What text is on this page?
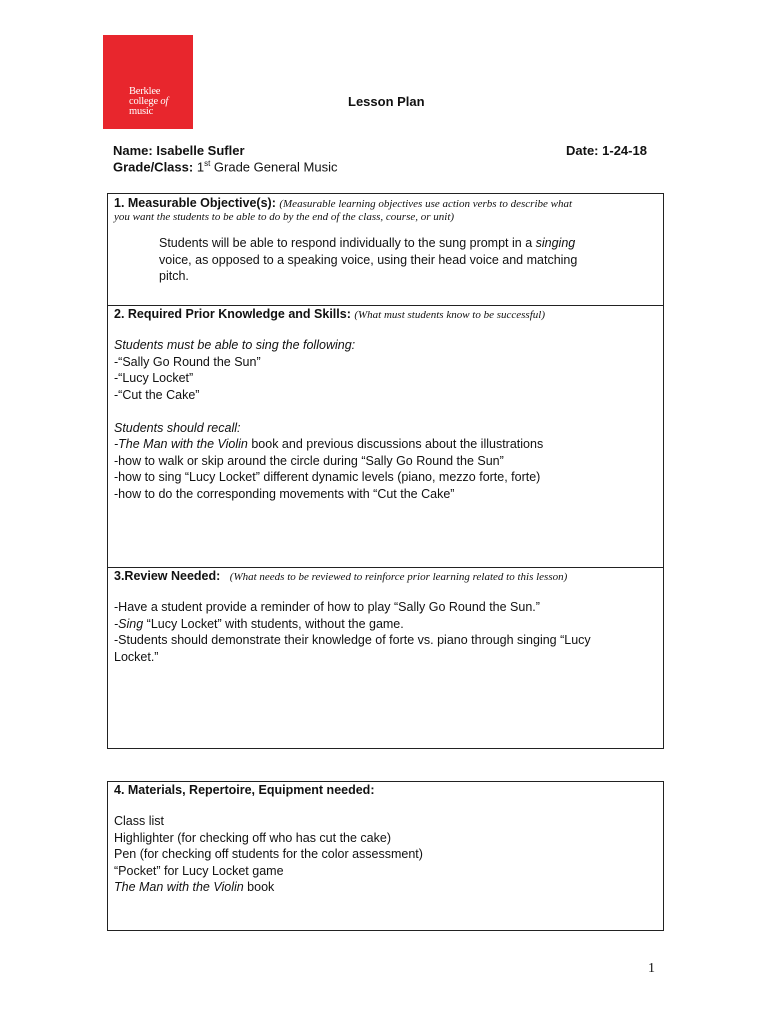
Berklee
college of
music
Lesson Plan
Name: Isabelle Sufler	Date: 1-24-18
Grade/Class: 1st Grade General Music
1. Measurable Objective(s): (Measurable learning objectives use action verbs to describe what
you want the students to be able to do by the end of the class, course, or unit)

Students will be able to respond individually to the sung prompt in a singing

voice, as opposed to a speaking voice, using their head voice and matching

pitch.

2. Required Prior Knowledge and Skills: (What must students know to be successful)

Students must be able to sing the following:

-“Sally Go Round the Sun”

-“Lucy Locket”

-“Cut the Cake”

Students should recall:

-The Man with the Violin book and previous discussions about the illustrations

-how to walk or skip around the circle during “Sally Go Round the Sun”

-how to sing “Lucy Locket” different dynamic levels (piano, mezzo forte, forte)

-how to do the corresponding movements with “Cut the Cake”

3.Review Needed: (What needs to be reviewed to reinforce prior learning related to this lesson)

-Have a student provide a reminder of how to play “Sally Go Round the Sun.”

-Sing “Lucy Locket” with students, without the game.

-Students should demonstrate their knowledge of forte vs. piano through singing “Lucy

Locket.”

4. Materials, Repertoire, Equipment needed:

Class list

Highlighter (for checking off who has cut the cake)

Pen (for checking off students for the color assessment)

“Pocket” for Lucy Locket game

The Man with the Violin book

1
